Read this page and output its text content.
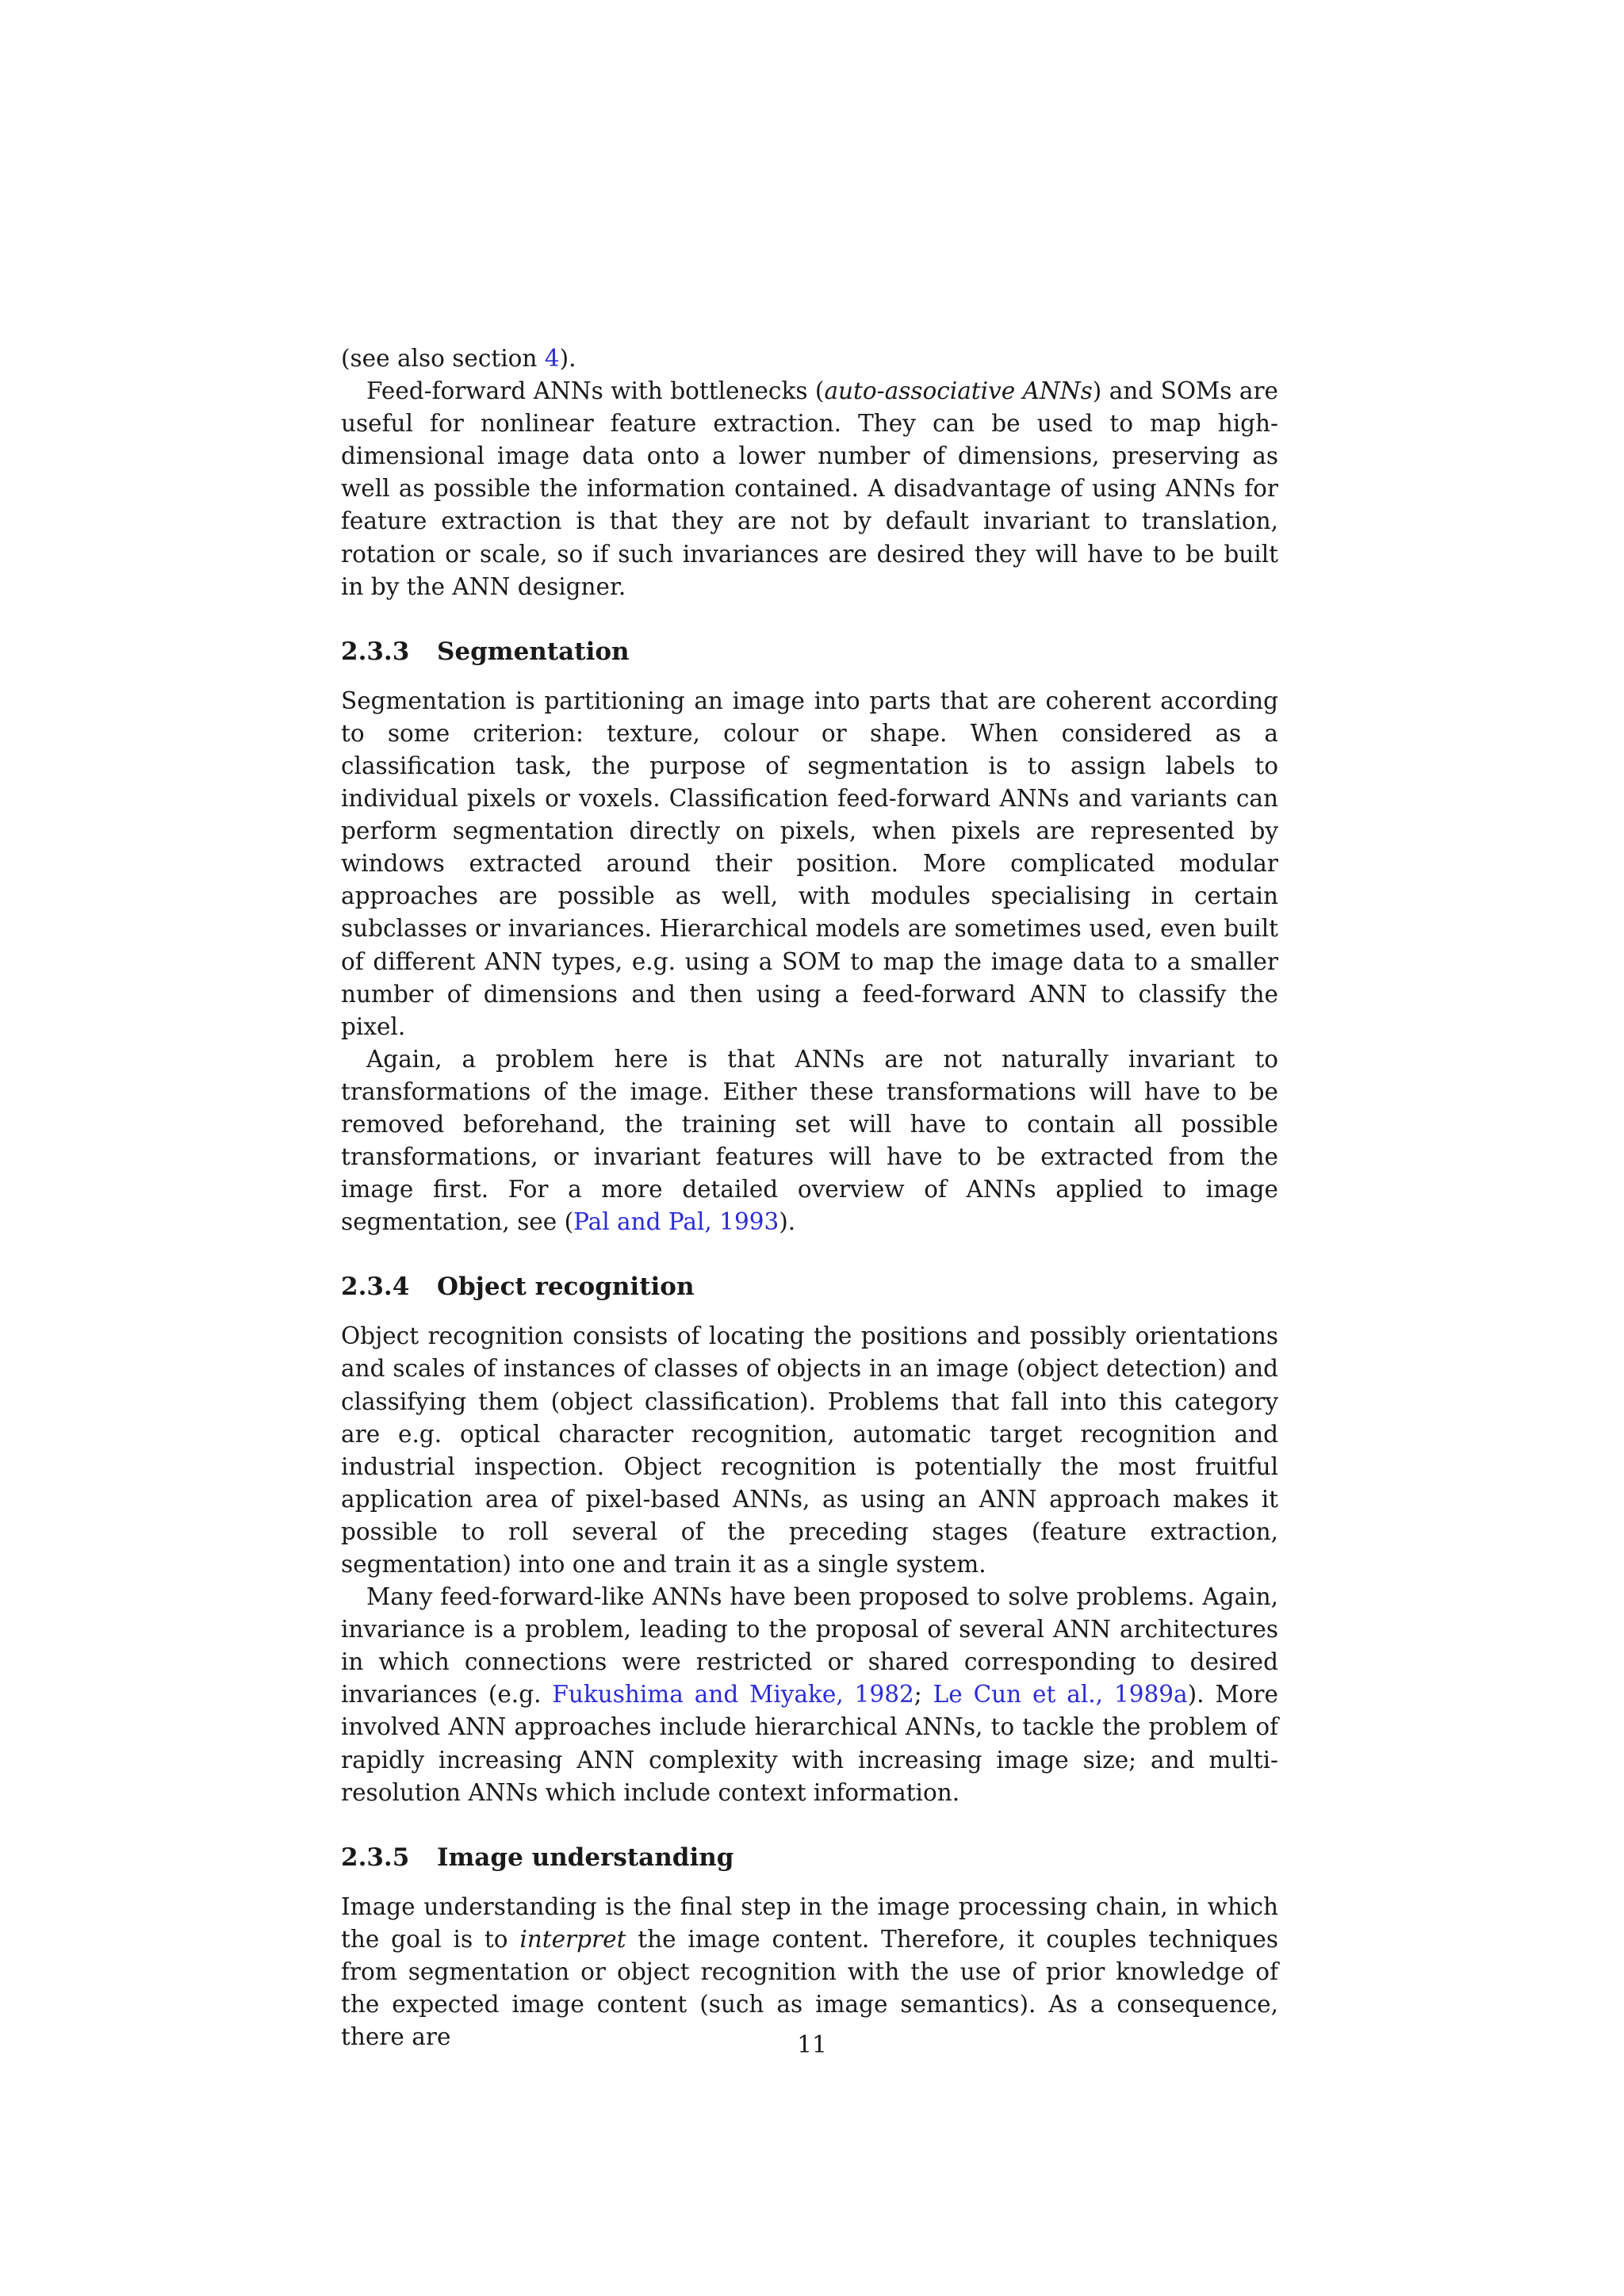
(see also section 4).

Feed-forward ANNs with bottlenecks (auto-associative ANNs) and SOMs are useful for nonlinear feature extraction. They can be used to map high-dimensional image data onto a lower number of dimensions, preserving as well as possible the information contained. A disadvantage of using ANNs for feature extraction is that they are not by default invariant to translation, rotation or scale, so if such invariances are desired they will have to be built in by the ANN designer.

2.3.3 Segmentation

Segmentation is partitioning an image into parts that are coherent according to some criterion: texture, colour or shape. When considered as a classification task, the purpose of segmentation is to assign labels to individual pixels or voxels. Classification feed-forward ANNs and variants can perform segmentation directly on pixels, when pixels are represented by windows extracted around their position. More complicated modular approaches are possible as well, with modules specialising in certain subclasses or invariances. Hierarchical models are sometimes used, even built of different ANN types, e.g. using a SOM to map the image data to a smaller number of dimensions and then using a feed-forward ANN to classify the pixel.

Again, a problem here is that ANNs are not naturally invariant to transformations of the image. Either these transformations will have to be removed beforehand, the training set will have to contain all possible transformations, or invariant features will have to be extracted from the image first. For a more detailed overview of ANNs applied to image segmentation, see (Pal and Pal, 1993).

2.3.4 Object recognition

Object recognition consists of locating the positions and possibly orientations and scales of instances of classes of objects in an image (object detection) and classifying them (object classification). Problems that fall into this category are e.g. optical character recognition, automatic target recognition and industrial inspection. Object recognition is potentially the most fruitful application area of pixel-based ANNs, as using an ANN approach makes it possible to roll several of the preceding stages (feature extraction, segmentation) into one and train it as a single system.

Many feed-forward-like ANNs have been proposed to solve problems. Again, invariance is a problem, leading to the proposal of several ANN architectures in which connections were restricted or shared corresponding to desired invariances (e.g. Fukushima and Miyake, 1982; Le Cun et al., 1989a). More involved ANN approaches include hierarchical ANNs, to tackle the problem of rapidly increasing ANN complexity with increasing image size; and multi-resolution ANNs which include context information.

2.3.5 Image understanding

Image understanding is the final step in the image processing chain, in which the goal is to interpret the image content. Therefore, it couples techniques from segmentation or object recognition with the use of prior knowledge of the expected image content (such as image semantics). As a consequence, there are	11
